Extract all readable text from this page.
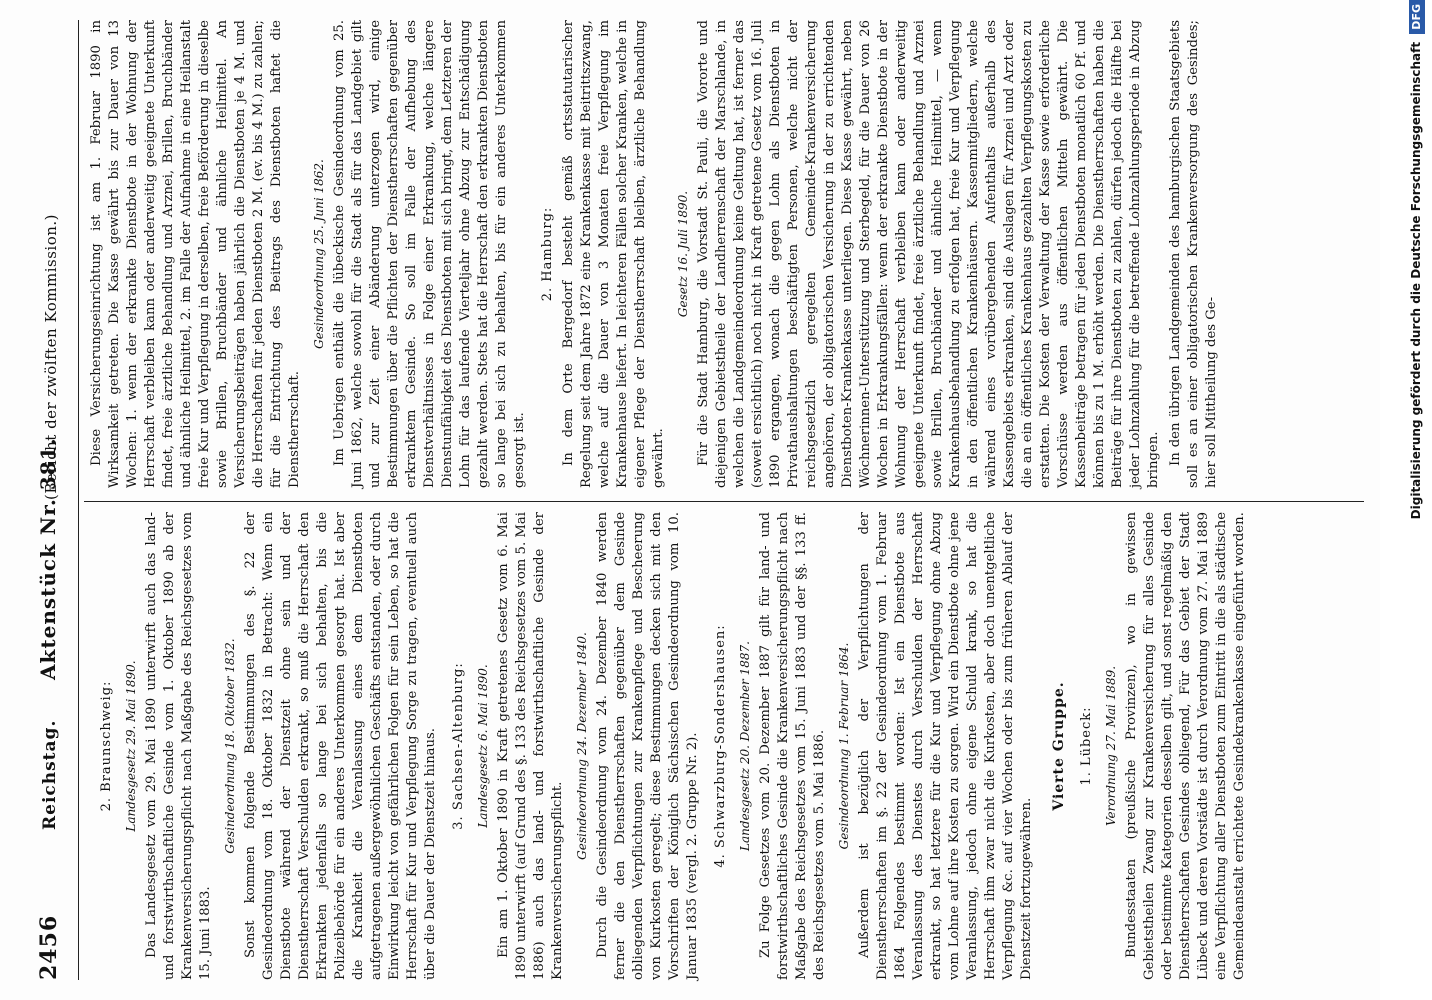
2456
Reichstag.
Aktenstück Nr. 381.
(Bericht der zwölften Kommission.)
2. Braunschweig: Landesgesetz 29. Mai 1890. Das Landesgesetz vom 29. Mai 1890 unterwirft auch das land- und forstwirthschaftliche Gesinde vom 1. Oktober 1890 ab der Krankenversicherungspflicht nach Maßgabe des Reichsgesetzes vom 15. Juni 1883.

Gesindeordnung 18. Oktober 1832. Sonst kommen folgende Bestimmungen des §. 22 der Gesindeordnung vom 18. Oktober 1832 in Betracht: Wenn ein Dienstbote während der Dienstzeit ohne sein und der Dienstherrschaft Verschulden erkrankt, so muß die Herrschaft den Erkrankten jedenfalls so lange bei sich behalten, bis die Polizeibehörde für ein anderes Unterkommen gesorgt hat. Ist aber die Krankheit die Veranlassung eines dem Dienstboten aufgetragenen außergewöhnlichen Geschäfts entstanden, oder durch Einwirkung leicht von gefährlichen Folgen für sein Leben, so hat die Herrschaft für Kur und Verpflegung Sorge zu tragen, eventuell auch über die Dauer der Dienstzeit hinaus. 3. Sachsen-Altenburg: Landesgesetz 6. Mai 1890. Ein am 1. Oktober 1890 in Kraft getretenes Gesetz vom 6. Mai 1890 unterwirft (auf Grund des §. 133 des Reichsgesetzes vom 5. Mai 1886) auch das land- und forstwirthschaftliche Gesinde der Krankenversicherungspflicht.

Gesindeordnung 24. Dezember 1840. Durch die Gesindeordnung vom 24. Dezember 1840 werden ferner die den Dienstherrschaften gegenüber dem Gesinde obliegenden Verpflichtungen zur Krankenpflege und Bescheerung von Kurkosten geregelt; diese Bestimmungen decken sich mit den Vorschriften der Königlich Sächsischen Gesindeordnung vom 10. Januar 1835 (vergl. 2. Gruppe Nr. 2). 4. Schwarzburg-Sondershausen: Landesgesetz 20. Dezember 1887. Zu Folge Gesetzes vom 20. Dezember 1887 gilt für land- und forstwirthschaftliches Gesinde die Krankenversicherungspflicht nach Maßgabe des Reichsgesetzes vom 15. Juni 1883 und der §§. 133 ff. des Reichsgesetzes vom 5. Mai 1886. Gesindeordnung 1. Februar 1864. Außerdem ist bezüglich der Verpflichtungen der Dienstherrschaften im §. 22 der Gesindeordnung vom 1. Februar 1864 Folgendes bestimmt worden: Ist ein Dienstbote aus Veranlassung des Dienstes durch Verschulden der Herrschaft erkrankt, so hat letztere für die Kur und Verpflegung ohne Abzug vom Lohne auf ihre Kosten zu sorgen. Wird ein Dienstbote ohne jene Veranlassung, jedoch ohne eigene Schuld krank, so hat die Herrschaft ihm zwar nicht die Kurkosten, aber doch unentgeltliche Verpflegung &c. auf vier Wochen oder bis zum früheren Ablauf der Dienstzeit fortzugewähren.

Vierte Gruppe. 1. Lübeck: Verordnung 27. Mai 1889. Bundesstaaten (preußische Provinzen), wo in gewissen Gebietstheilen Zwang zur Krankenversicherung für alles Gesinde oder bestimmte Kategorien desselben gilt, und sonst regelmäßig den Dienstherrschaften Gesindes obliegend, Für das Gebiet der Stadt Lübeck und deren Vorstädte ist durch Verordnung vom 27. Mai 1889 eine Verpflichtung aller Dienstboten zum Eintritt in die als städtische Gemeindeanstalt errichtete Gesindekrankenkasse eingeführt worden.

Diese Versicherungseinrichtung ist am 1. Februar 1890 in Wirksamkeit getreten. Die Kasse gewährt bis zur Dauer von 13 Wochen: 1. wenn der erkrankte Dienstbote in der Wohnung der Herrschaft verbleiben kann oder anderweitig geeignete Unterkunft findet, freie ärztliche Behandlung und Arznei, Brillen, Bruchbänder und ähnliche Heilmittel, 2. im Falle der Aufnahme in eine Heilanstalt freie Kur und Verpflegung in derselben, freie Beförderung in dieselbe sowie Brillen, Bruchbänder und ähnliche Heilmittel. An Versicherungsbeiträgen haben jährlich die Dienstboten je 4 M. und die Herrschaften für jeden Dienstboten 2 M. (ev. bis 4 M.) zu zahlen; für die Entrichtung des Beitrags des Dienstboten haftet die Dienstherrschaft.

Gesindeordnung 25. Juni 1862. Im Uebrigen enthält die lübeckische Gesindeordnung vom 25. Juni 1862, welche sowohl für die Stadt als für das Landgebiet gilt und zur Zeit einer Abänderung unterzogen wird, einige Bestimmungen über die Pflichten der Dienstherrschaften gegenüber erkranktem Gesinde. So soll im Falle der Aufhebung des Dienstverhältnisses in Folge einer Erkrankung, welche längere Dienstunfähigkeit des Dienstboten mit sich bringt, dem Letzteren der Lohn für das laufende Vierteljahr ohne Abzug zur Entschädigung gezahlt werden. Stets hat die Herrschaft den erkrankten Dienstboten so lange bei sich zu behalten, bis für ein anderes Unterkommen gesorgt ist.

2. Hamburg: In dem Orte Bergedorf besteht gemäß ortsstatutarischer Regelung seit dem Jahre 1872 eine Krankenkasse mit Beitrittszwang, welche auf die Dauer von 3 Monaten freie Verpflegung im Krankenhause liefert. In leichteren Fällen solcher Kranken, welche in eigener Pflege der Dienstherrschaft bleiben, ärztliche Behandlung gewährt.

Gesetz 16. Juli 1890. Für die Stadt Hamburg, die Vorstadt St. Pauli, die Vororte und diejenigen Gebietstheile der Landherrenschaft der Marschlande, in welchen die Landgemeindeordnung keine Geltung hat, ist ferner das (soweit ersichtlich) noch nicht in Kraft getretene Gesetz vom 16. Juli 1890 ergangen, wonach die gegen Lohn als Dienstboten in Privathaushaltungen beschäftigten Personen, welche nicht der reichsgesetzlich geregelten Gemeinde-Krankenversicherung angehören, der obligatorischen Versicherung in der zu errichtenden Dienstboten-Krankenkasse unterliegen. Diese Kasse gewährt, neben Wöchnerinnen-Unterstützung und Sterbegeld, für die Dauer von 26 Wochen in Erkrankungsfällen: wenn der erkrankte Dienstbote in der Wohnung der Herrschaft verbleiben kann oder anderweitig geeignete Unterkunft findet, freie ärztliche Behandlung und Arznei sowie Brillen, Bruchbänder und ähnliche Heilmittel, — wenn Krankenhausbehandlung zu erfolgen hat, freie Kur und Verpflegung in den öffentlichen Krankenhäusern. Kassenmitgliedern, welche während eines vorübergehenden Aufenthalts außerhalb des Kassengebiets erkranken, sind die Auslagen für Arznei und Arzt oder die an ein öffentliches Krankenhaus gezahlten Verpflegungskosten zu erstatten. Die Kosten der Verwaltung der Kasse sowie erforderliche Vorschüsse werden aus öffentlichen Mitteln gewährt. Die Kassenbeiträge betragen für jeden Dienstboten monatlich 60 Pf. und können bis zu 1 M. erhöht werden. Die Dienstherrschaften haben die Beiträge für ihre Dienstboten zu zahlen, dürfen jedoch die Hälfte bei jeder Lohnzahlung für die betreffende Lohnzahlungsperiode in Abzug bringen. In den übrigen Landgemeinden des hamburgischen Staatsgebiets soll es an einer obligatorischen Krankenversorgung des Gesindes; hier soll Mittheilung des Ge-	Digitalisierung gefördert durch die Deutsche Forschungsgemeinschaft DFG
